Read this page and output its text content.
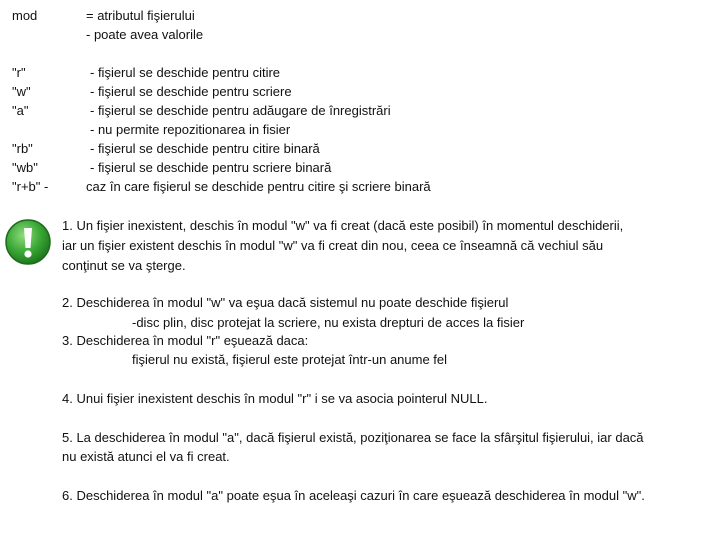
mod	= atributul fişierului
- poate avea valorile
"r"	- fişierul se deschide pentru citire
"w"	- fişierul se deschide pentru scriere
"a"	- fişierul se deschide pentru adăugare de înregistrări
- nu permite repozitionarea in fisier
"rb"	- fişierul se deschide pentru citire binară
"wb"	- fişierul se deschide pentru scriere binară
"r+b" -	caz în care fişierul se deschide pentru citire şi scriere binară
1. Un fişier inexistent, deschis în modul "w" va fi creat (dacă este posibil) în momentul deschiderii,
iar un fişier existent deschis în modul "w" va fi creat din nou, ceea ce înseamnă că vechiul său
conţinut se va şterge.
2. Deschiderea în modul "w" va eşua dacă sistemul nu poate deschide fişierul
-disc plin, disc protejat la scriere, nu exista drepturi de acces la fisier
3. Deschiderea în modul "r" eşuează daca:
fişierul nu există, fişierul este protejat într-un anume fel
4. Unui fişier inexistent deschis în modul "r" i se va asocia pointerul NULL.
5. La deschiderea în modul "a", dacă fişierul există, poziţionarea se face la sfârşitul fişierului, iar dacă
nu există atunci el va fi creat.
6. Deschiderea în modul "a" poate eşua în aceleaşi cazuri în care eşuează deschiderea în modul "w".
